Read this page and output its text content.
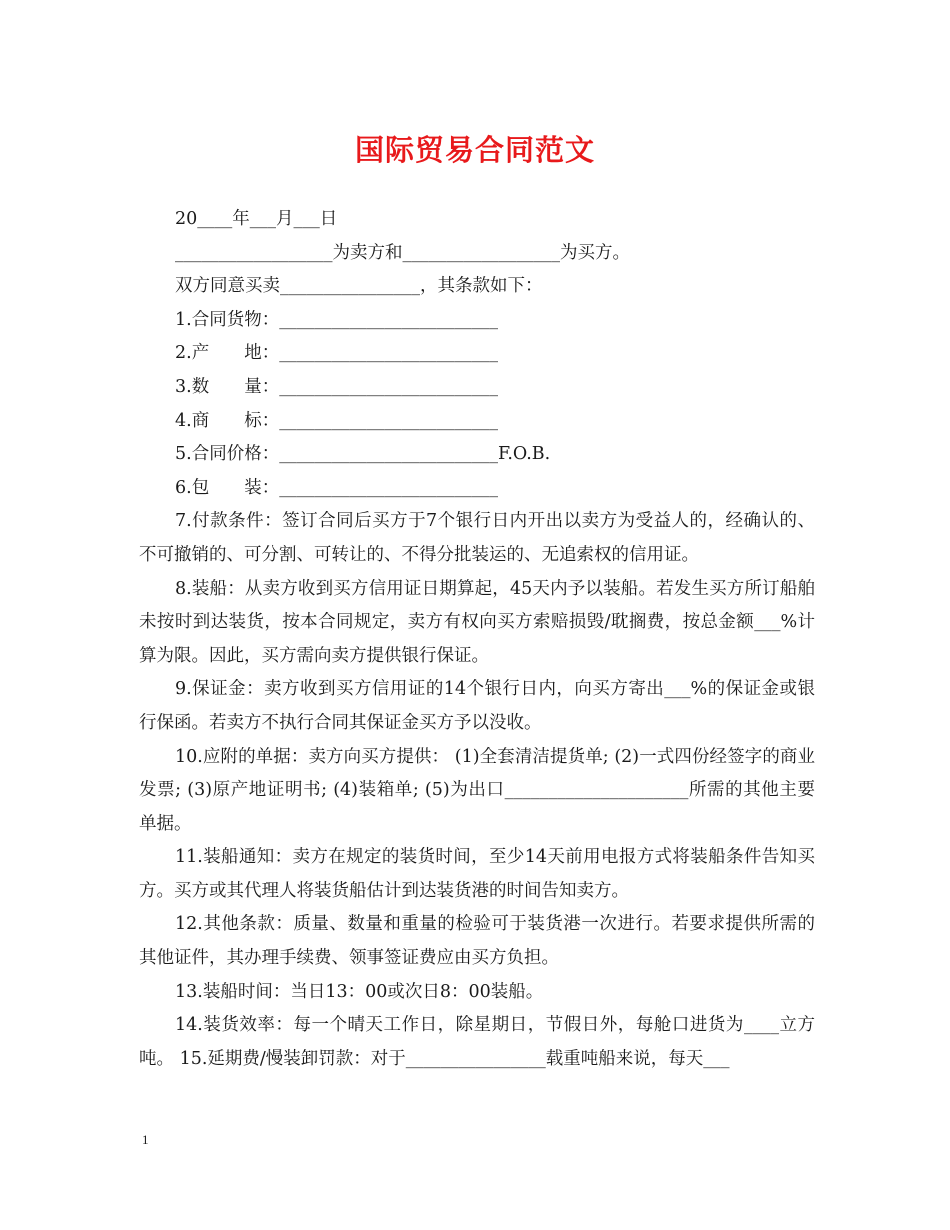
国际贸易合同范文

20____年___月___日

__________________为卖方和__________________为买方。

双方同意买卖________________，其条款如下：

1.合同货物：_________________________

2.产　　地：_________________________

3.数　　量：_________________________

4.商　　标：_________________________

5.合同价格：_________________________F.O.B.

6.包　　装：_________________________

7.付款条件：签订合同后买方于7个银行日内开出以卖方为受益人的，经确认的、不可撤销的、可分割、可转让的、不得分批装运的、无追索权的信用证。

8.装船：从卖方收到买方信用证日期算起，45天内予以装船。若发生买方所订船舶未按时到达装货，按本合同规定，卖方有权向买方索赔损毁/耽搁费，按总金额___%计算为限。因此，买方需向卖方提供银行保证。

9.保证金：卖方收到买方信用证的14个银行日内，向买方寄出___%的保证金或银行保函。若卖方不执行合同其保证金买方予以没收。

10.应附的单据：卖方向买方提供： (1)全套清洁提货单; (2)一式四份经签字的商业发票; (3)原产地证明书; (4)装箱单; (5)为出口_____________________所需的其他主要单据。

11.装船通知：卖方在规定的装货时间，至少14天前用电报方式将装船条件告知买方。买方或其代理人将装货船估计到达装货港的时间告知卖方。

12.其他条款：质量、数量和重量的检验可于装货港一次进行。若要求提供所需的其他证件，其办理手续费、领事签证费应由买方负担。

13.装船时间：当日13：00或次日8：00装船。

14.装货效率：每一个晴天工作日，除星期日，节假日外，每舱口进货为____立方吨。 15.延期费/慢装卸罚款：对于________________载重吨船来说，每天___

1
